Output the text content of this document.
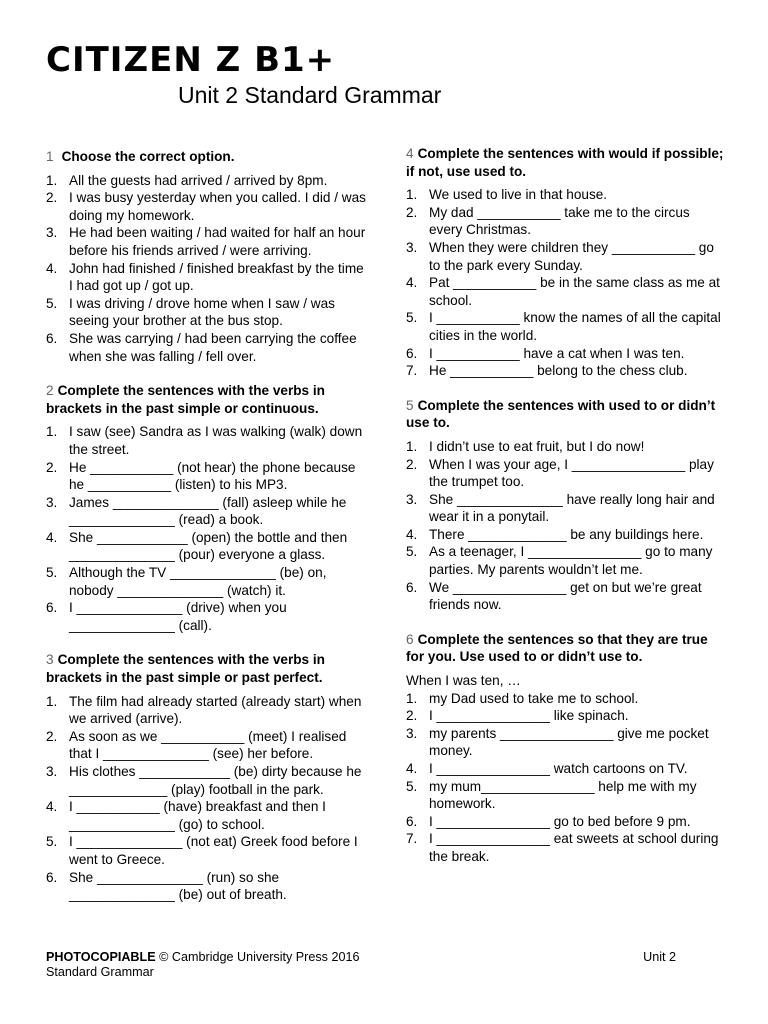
CITIZEN Z B1+
Unit 2 Standard Grammar
1 Choose the correct option.
1. All the guests had arrived / arrived by 8pm.
2. I was busy yesterday when you called. I did / was doing my homework.
3. He had been waiting / had waited for half an hour before his friends arrived / were arriving.
4. John had finished / finished breakfast by the time I had got up / got up.
5. I was driving / drove home when I saw / was seeing your brother at the bus stop.
6. She was carrying / had been carrying the coffee when she was falling / fell over.
2 Complete the sentences with the verbs in brackets in the past simple or continuous.
1. I saw (see) Sandra as I was walking (walk) down the street.
2. He ___________ (not hear) the phone because he ___________ (listen) to his MP3.
3. James ______________ (fall) asleep while he ______________ (read) a book.
4. She ____________ (open) the bottle and then ______________ (pour) everyone a glass.
5. Although the TV ______________ (be) on, nobody ______________ (watch) it.
6. I ______________ (drive) when you ______________ (call).
3 Complete the sentences with the verbs in brackets in the past simple or past perfect.
1. The film had already started (already start) when we arrived (arrive).
2. As soon as we ___________ (meet) I realised that I ______________ (see) her before.
3. His clothes ____________ (be) dirty because he _____________ (play) football in the park.
4. I ___________ (have) breakfast and then I ______________ (go) to school.
5. I ______________ (not eat) Greek food before I went to Greece.
6. She ______________ (run) so she ______________ (be) out of breath.
4 Complete the sentences with would if possible; if not, use used to.
1. We used to live in that house.
2. My dad ___________ take me to the circus every Christmas.
3. When they were children they ___________ go to the park every Sunday.
4. Pat ___________ be in the same class as me at school.
5. I ___________ know the names of all the capital cities in the world.
6. I ___________ have a cat when I was ten.
7. He ___________ belong to the chess club.
5 Complete the sentences with used to or didn’t use to.
1. I didn’t use to eat fruit, but I do now!
2. When I was your age, I _______________ play the trumpet too.
3. She ______________ have really long hair and wear it in a ponytail.
4. There _____________ be any buildings here.
5. As a teenager, I _______________ go to many parties. My parents wouldn’t let me.
6. We _______________ get on but we’re great friends now.
6 Complete the sentences so that they are true for you. Use used to or didn’t use to.
When I was ten, …
1. my Dad used to take me to school.
2. I _______________ like spinach.
3. my parents _______________ give me pocket money.
4. I _______________ watch cartoons on TV.
5. my mum_______________ help me with my homework.
6. I _______________ go to bed before 9 pm.
7. I _______________ eat sweets at school during the break.
PHOTOCOPIABLE © Cambridge University Press 2016
Standard Grammar
Unit 2
